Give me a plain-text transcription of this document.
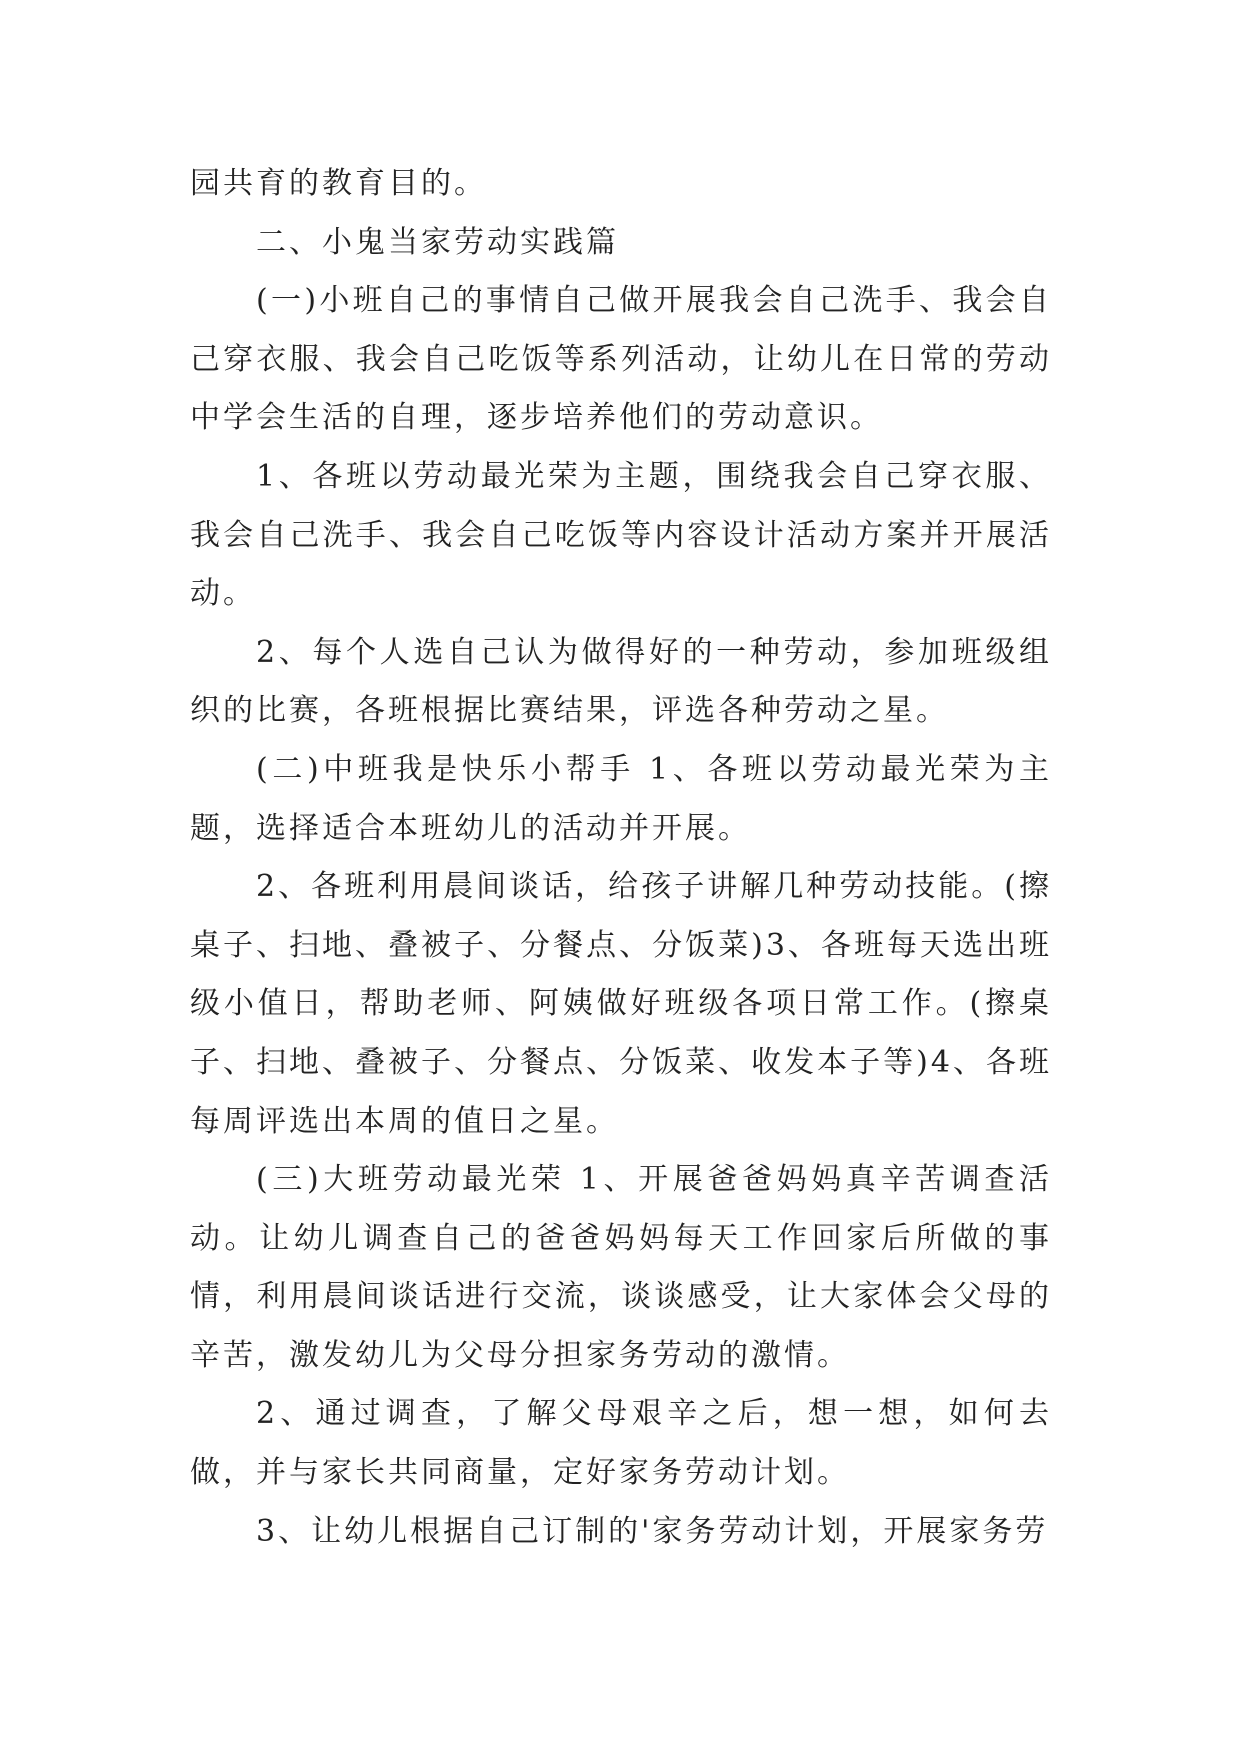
园共育的教育目的。

二、小鬼当家劳动实践篇

(一)小班自己的事情自己做开展我会自己洗手、我会自己穿衣服、我会自己吃饭等系列活动，让幼儿在日常的劳动中学会生活的自理，逐步培养他们的劳动意识。

1、各班以劳动最光荣为主题，围绕我会自己穿衣服、我会自己洗手、我会自己吃饭等内容设计活动方案并开展活动。

2、每个人选自己认为做得好的一种劳动，参加班级组织的比赛，各班根据比赛结果，评选各种劳动之星。

(二)中班我是快乐小帮手 1、各班以劳动最光荣为主题，选择适合本班幼儿的活动并开展。

2、各班利用晨间谈话，给孩子讲解几种劳动技能。(擦桌子、扫地、叠被子、分餐点、分饭菜)3、各班每天选出班级小值日，帮助老师、阿姨做好班级各项日常工作。(擦桌子、扫地、叠被子、分餐点、分饭菜、收发本子等)4、各班每周评选出本周的值日之星。

(三)大班劳动最光荣 1、开展爸爸妈妈真辛苦调查活动。让幼儿调查自己的爸爸妈妈每天工作回家后所做的事情，利用晨间谈话进行交流，谈谈感受，让大家体会父母的辛苦，激发幼儿为父母分担家务劳动的激情。

2、通过调查，了解父母艰辛之后，想一想，如何去做，并与家长共同商量，定好家务劳动计划。

3、让幼儿根据自己订制的'家务劳动计划，开展家务劳
